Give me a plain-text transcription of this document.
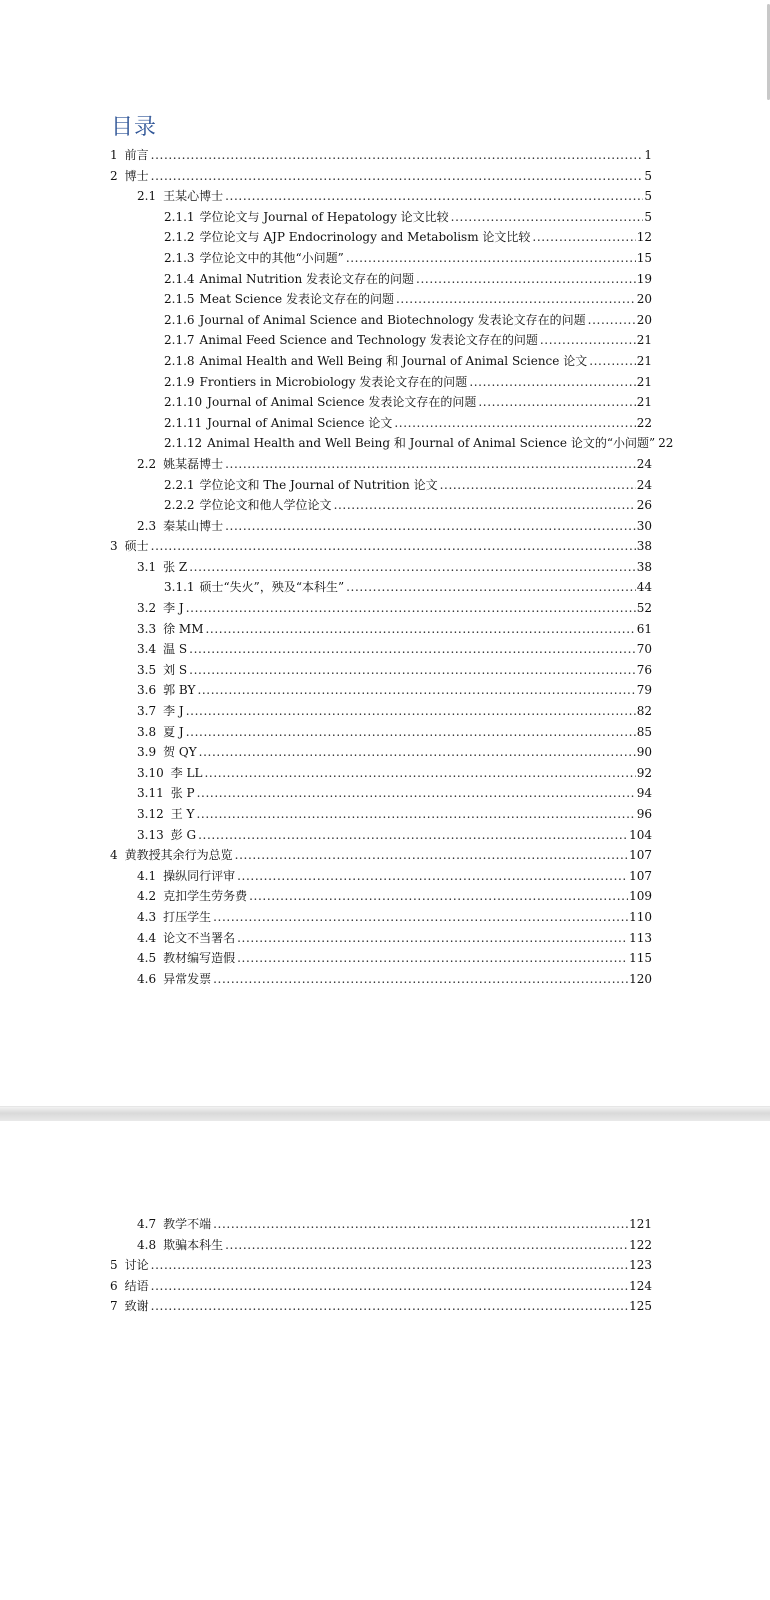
目录
1 前言 . . .	1
2 博士 . . .	5
2.1 王某心博士 . . .	5
2.1.1 学位论文与 Journal of Hepatology 论文比较 . . .	5
2.1.2 学位论文与 AJP Endocrinology and Metabolism 论文比较 . . .	12
2.1.3 学位论文中的其他“小问题” . . .	15
2.1.4 Animal Nutrition 发表论文存在的问题 . . .	19
2.1.5 Meat Science 发表论文存在的问题 . . .	20
2.1.6 Journal of Animal Science and Biotechnology 发表论文存在的问题 . . .	20
2.1.7 Animal Feed Science and Technology 发表论文存在的问题 . . .	21
2.1.8 Animal Health and Well Being 和 Journal of Animal Science 论文 . . .	21
2.1.9 Frontiers in Microbiology 发表论文存在的问题 . . .	21
2.1.10 Journal of Animal Science 发表论文存在的问题 . . .	21
2.1.11 Journal of Animal Science 论文 . . .	22
2.1.12 Animal Health and Well Being 和 Journal of Animal Science 论文的“小问题” 22
2.2 姚某磊博士 . . .	24
2.2.1 学位论文和 The Journal of Nutrition 论文 . . .	24
2.2.2 学位论文和他人学位论文 . . .	26
2.3 秦某山博士 . . .	30
3 硕士 . . .	38
3.1 张 Z . . .	38
3.1.1 硕士“失火”，殃及“本科生” . . .	44
3.2 李 J . . .	52
3.3 徐 MM . . .	61
3.4 温 S . . .	70
3.5 刘 S . . .	76
3.6 郭 BY . . .	79
3.7 李 J . . .	82
3.8 夏 J . . .	85
3.9 贺 QY . . .	90
3.10 李 LL . . .	92
3.11 张 P . . .	94
3.12 王 Y . . .	96
3.13 彭 G . . .	104
4 黄教授其余行为总览 . . .	107
4.1 操纵同行评审 . . .	107
4.2 克扣学生劳务费 . . .	109
4.3 打压学生 . . .	110
4.4 论文不当署名 . . .	113
4.5 教材编写造假 . . .	115
4.6 异常发票 . . .	120
4.7 教学不端 . . .	121
4.8 欺骗本科生 . . .	122
5 讨论 . . .	123
6 结语 . . .	124
7 致谢 . . .	125
